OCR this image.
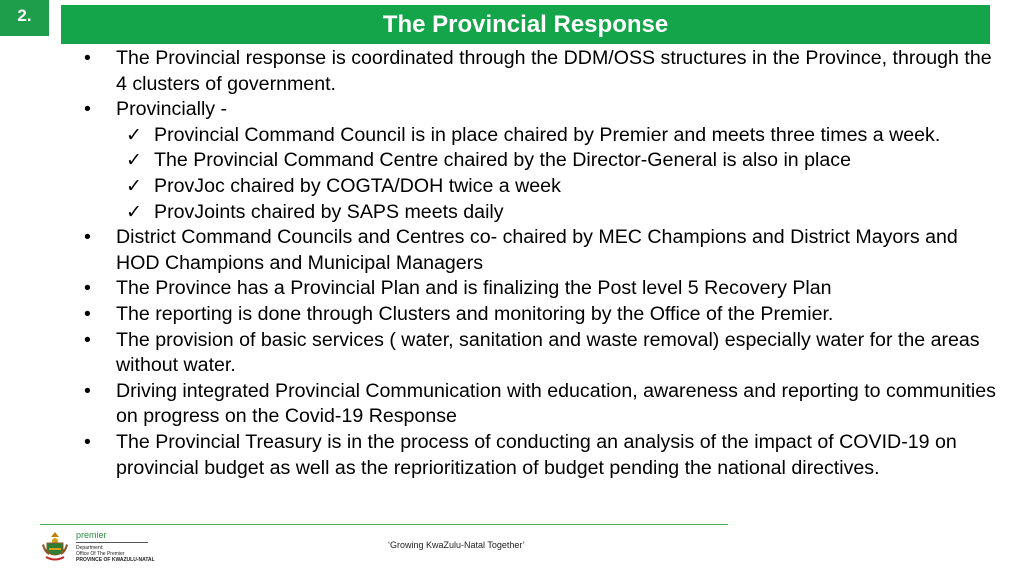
2.	The Provincial Response
• The Provincial response is coordinated through the DDM/OSS structures in the Province, through the 4 clusters of government.
• Provincially -
✓ Provincial Command Council is in place chaired by Premier and meets three times a week.
✓ The Provincial Command Centre chaired by the Director-General is also in place
✓ ProvJoc chaired by COGTA/DOH twice a week
✓ ProvJoints chaired by SAPS meets daily
• District Command Councils and Centres co- chaired by MEC Champions and District Mayors and HOD Champions and Municipal Managers
• The Province has a Provincial Plan and is finalizing the Post level 5 Recovery Plan
• The reporting is done through Clusters and monitoring by the Office of the Premier.
• The provision of basic services ( water, sanitation and waste removal) especially water for the areas without water.
• Driving integrated Provincial Communication with education, awareness and reporting to communities on progress on the Covid-19 Response
• The Provincial Treasury is in the process of conducting an analysis of the impact of COVID-19 on provincial budget as well as the reprioritization of budget pending the national directives.
premier
Department:
Office Of The Premier
PROVINCE OF KWAZULU-NATAL
‘Growing KwaZulu-Natal Together’
